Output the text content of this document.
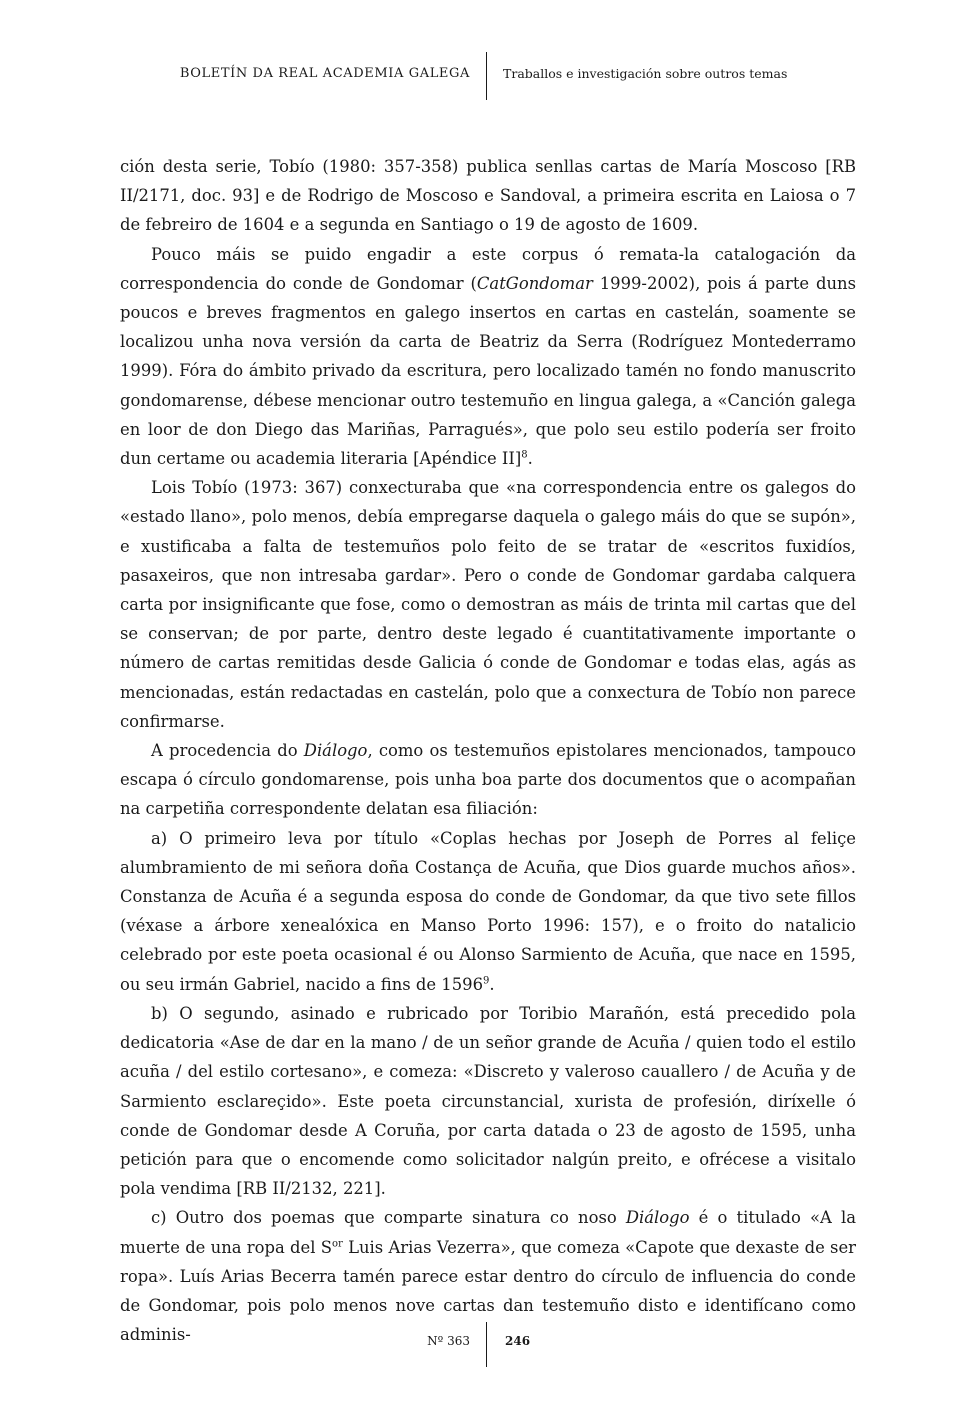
BOLETÍN DA REAL ACADEMIA GALEGA	Traballos e investigación sobre outros temas

ción desta serie, Tobío (1980: 357-358) publica senllas cartas de María Moscoso [RB II/2171, doc. 93] e de Rodrigo de Moscoso e Sandoval, a primeira escrita en Laiosa o 7 de febreiro de 1604 e a segunda en Santiago o 19 de agosto de 1609.

Pouco máis se puido engadir a este corpus ó remata-la catalogación da correspondencia do conde de Gondomar (CatGondomar 1999-2002), pois á parte duns poucos e breves fragmentos en galego insertos en cartas en castelán, soamente se localizou unha nova versión da carta de Beatriz da Serra (Rodríguez Montederramo 1999). Fóra do ámbito privado da escritura, pero localizado tamén no fondo manuscrito gondomarense, débese mencionar outro testemuño en lingua galega, a «Canción galega en loor de don Diego das Mariñas, Parragués», que polo seu estilo podería ser froito dun certame ou academia literaria [Apéndice II]$^8$.

Lois Tobío (1973: 367) conxecturaba que «na correspondencia entre os galegos do «estado llano», polo menos, debía empregarse daquela o galego máis do que se supón», e xustificaba a falta de testemuños polo feito de se tratar de «escritos fuxidíos, pasaxeiros, que non intresaba gardar». Pero o conde de Gondomar gardaba calquera carta por insignificante que fose, como o demostran as máis de trinta mil cartas que del se conservan; de por parte, dentro deste legado é cuantitativamente importante o número de cartas remitidas desde Galicia ó conde de Gondomar e todas elas, agás as mencionadas, están redactadas en castelán, polo que a conxectura de Tobío non parece confirmarse.

A procedencia do Diálogo, como os testemuños epistolares mencionados, tampouco escapa ó círculo gondomarense, pois unha boa parte dos documentos que o acompañan na carpetiña correspondente delatan esa filiación:

a) O primeiro leva por título «Coplas hechas por Joseph de Porres al feliçe alumbramiento de mi señora doña Costança de Acuña, que Dios guarde muchos años». Constanza de Acuña é a segunda esposa do conde de Gondomar, da que tivo sete fillos (véxase a árbore xenealóxica en Manso Porto 1996: 157), e o froito do natalicio celebrado por este poeta ocasional é ou Alonso Sarmiento de Acuña, que nace en 1595, ou seu irmán Gabriel, nacido a fins de 1596$^9$.

b) O segundo, asinado e rubricado por Toribio Marañón, está precedido pola dedicatoria «Ase de dar en la mano / de un señor grande de Acuña / quien todo el estilo acuña / del estilo cortesano», e comeza: «Discreto y valeroso cauallero / de Acuña y de Sarmiento esclareçido». Este poeta circunstancial, xurista de profesión, diríxelle ó conde de Gondomar desde A Coruña, por carta datada o 23 de agosto de 1595, unha petición para que o encomende como solicitador nalgún preito, e ofrécese a visitalo pola vendima [RB II/2132, 221].

c) Outro dos poemas que comparte sinatura co noso Diálogo é o titulado «A la muerte de una ropa del $S^{or}$ Luis Arias Vezerra», que comeza «Capote que dexaste de ser ropa». Luís Arias Becerra tamén parece estar dentro do círculo de influencia do conde de Gondomar, pois polo menos nove cartas dan testemuño disto e identifícano como adminis-	Nº 363	246
